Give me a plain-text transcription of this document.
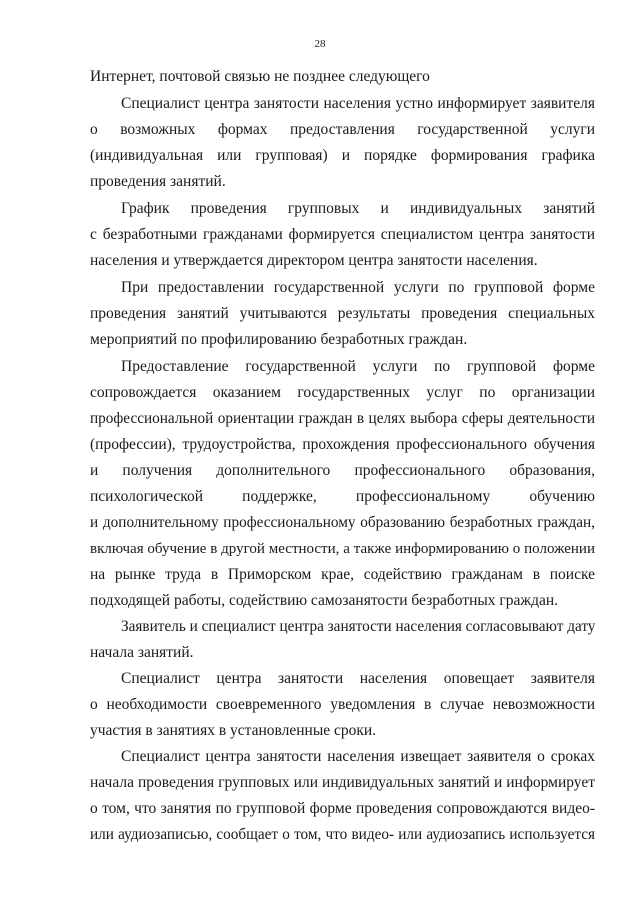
28
Интернет, почтовой связью не позднее следующего
Специалист центра занятости населения устно информирует заявителя
о возможных формах предоставления государственной услуги
(индивидуальная или групповая) и порядке формирования графика
проведения занятий.
График проведения групповых и индивидуальных занятий
с безработными гражданами формируется специалистом центра занятости
населения и утверждается директором центра занятости населения.
При предоставлении государственной услуги по групповой форме
проведения занятий учитываются результаты проведения специальных
мероприятий по профилированию безработных граждан.
Предоставление государственной услуги по групповой форме
сопровождается оказанием государственных услуг по организации
профессиональной ориентации граждан в целях выбора сферы деятельности
(профессии), трудоустройства, прохождения профессионального обучения
и получения дополнительного профессионального образования,
психологической поддержке, профессиональному обучению
и дополнительному профессиональному образованию безработных граждан,
включая обучение в другой местности, а также информированию о положении
на рынке труда в Приморском крае, содействию гражданам в поиске
подходящей работы, содействию самозанятости безработных граждан.
Заявитель и специалист центра занятости населения согласовывают дату
начала занятий.
Специалист центра занятости населения оповещает заявителя
о необходимости своевременного уведомления в случае невозможности
участия в занятиях в установленные сроки.
Специалист центра занятости населения извещает заявителя о сроках
начала проведения групповых или индивидуальных занятий и информирует
о том, что занятия по групповой форме проведения сопровождаются видео-
или аудиозаписью, сообщает о том, что видео- или аудиозапись используется
